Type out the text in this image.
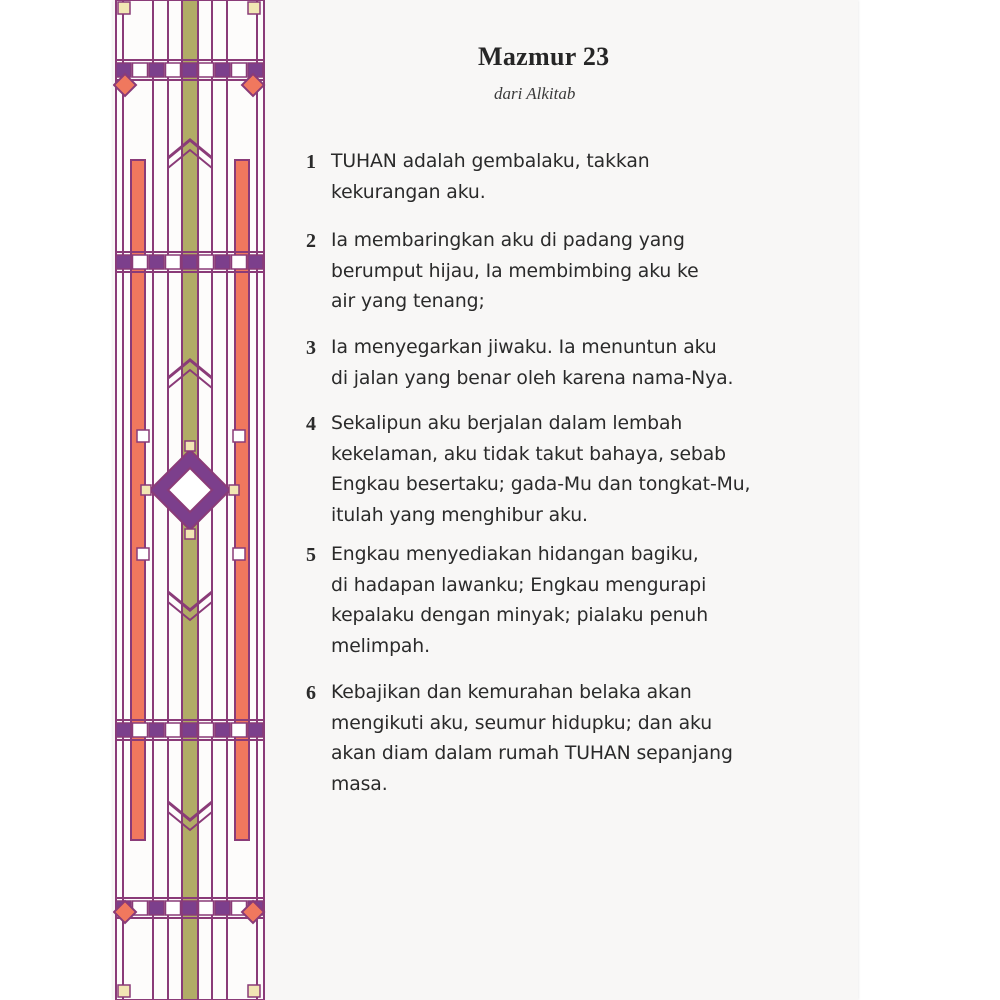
Mazmur 23
dari Alkitab
1 TUHAN adalah gembalaku, takkan
kekurangan aku.
2 Ia membaringkan aku di padang yang
berumput hijau, Ia membimbing aku ke
air yang tenang;
3 Ia menyegarkan jiwaku. Ia menuntun aku
di jalan yang benar oleh karena nama-Nya.
4 Sekalipun aku berjalan dalam lembah
kekelaman, aku tidak takut bahaya, sebab
Engkau besertaku; gada-Mu dan tongkat-Mu,
itulah yang menghibur aku.
5 Engkau menyediakan hidangan bagiku,
di hadapan lawanku; Engkau mengurapi
kepalaku dengan minyak; pialaku penuh
melimpah.
6 Kebajikan dan kemurahan belaka akan
mengikuti aku, seumur hidupku; dan aku
akan diam dalam rumah TUHAN sepanjang
masa.
